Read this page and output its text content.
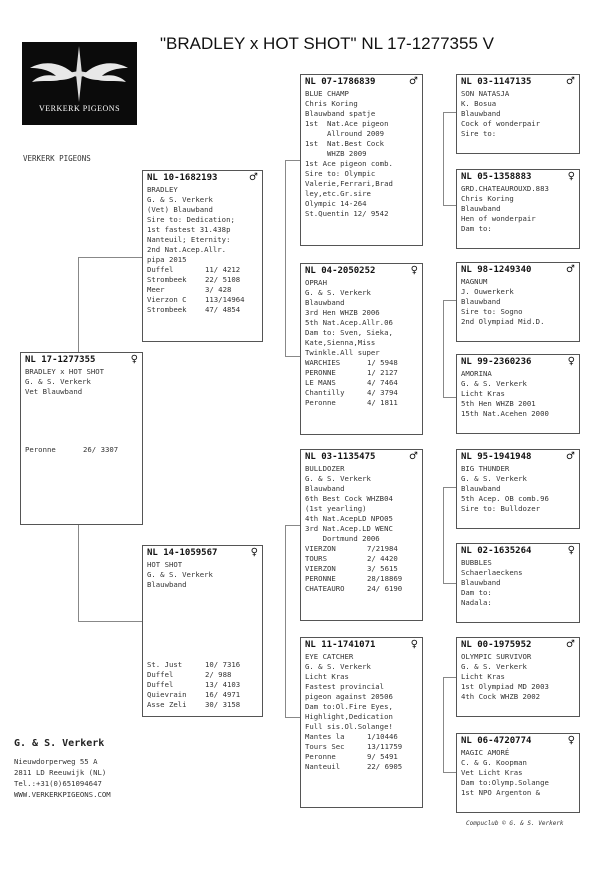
"BRADLEY x HOT SHOT" NL 17-1277355 V
VERKERK PIGEONS
VERKERK PIGEONS
NL 17-1277355	♀
BRADLEY x HOT SHOT
G. & S. Verkerk
Vet Blauwband
Peronne	26/ 3307
NL 10-1682193	♂
BRADLEY
G. & S. Verkerk
(Vet) Blauwband
Sire to: Dedication;
1st fastest 31.438p
Nanteuil; Eternity:
2nd Nat.Acep.Allr.
pipa 2015
Duffel	11/ 4212
Strombeek	22/ 5108
Meer	3/ 428
Vierzon C	113/14964
Strombeek	47/ 4854
NL 14-1059567	♀
HOT SHOT
G. & S. Verkerk
Blauwband
St. Just	10/ 7316
Duffel	2/ 988
Duffel	13/ 4103
Quievrain	16/ 4971
Asse Zeli	30/ 3158
NL 07-1786839	♂
BLUE CHAMP
Chris Koring
Blauwband spatje
1st  Nat.Ace pigeon
Allround 2009
1st  Nat.Best Cock
WHZB 2009
1st Ace pigeon comb.
Sire to: Olympic
Valerie,Ferrari,Brad
ley,etc.Gr.sire
Olympic 14-264
St.Quentin 12/ 9542
NL 04-2050252	♀
OPRAH
G. & S. Verkerk
Blauwband
3rd Hen WHZB 2006
5th Nat.Acep.Allr.06
Dam to: Sven, Sieka,
Kate,Sienna,Miss
Twinkle.All super
WARCHIES	1/ 5948
PERONNE	1/ 2127
LE MANS	4/ 7464
Chantilly	4/ 3794
Peronne	4/ 1811
NL 03-1135475	♂
BULLDOZER
G. & S. Verkerk
Blauwband
6th Best Cock WHZB04
(1st yearling)
4th Nat.AcepLD NPO05
3rd Nat.Acep.LD WENC
Dortmund 2006
VIERZON	7/21984
TOURS	2/ 4420
VIERZON	3/ 5615
PERONNE	28/18869
CHATEAURO	24/ 6190
NL 11-1741071	♀
EYE CATCHER
G. & S. Verkerk
Licht Kras
Fastest provincial
pigeon against 20506
Dam to:Ol.Fire Eyes,
Highlight,Dedication
Full sis.Ol.Solange!
Mantes la	1/10446
Tours Sec	13/11759
Peronne	9/ 5491
Nanteuil	22/ 6905
NL 03-1147135	♂
SON NATASJA
K. Bosua
Blauwband
Cock of wonderpair
Sire to:
NL 05-1358883	♀
GRD.CHATEAUROUXD.883
Chris Koring
Blauwband
Hen of wonderpair
Dam to:
NL 98-1249340	♂
MAGNUM
J. Ouwerkerk
Blauwband
Sire to: Sogno
2nd Olympiad Mid.D.
NL 99-2360236	♀
AMORINA
G. & S. Verkerk
Licht Kras
5th Hen WHZB 2001
15th Nat.Acehen 2000
NL 95-1941948	♂
BIG THUNDER
G. & S. Verkerk
Blauwband
5th Acep. OB comb.96
Sire to: Bulldozer
NL 02-1635264	♀
BUBBLES
Schaerlaeckens
Blauwband
Dam to:
Nadala:
NL 00-1975952	♂
OLYMPIC SURVIVOR
G. & S. Verkerk
Licht Kras
1st Olympiad MD 2003
4th Cock WHZB 2002
NL 06-4720774	♀
MAGIC AMORÉ
C. & G. Koopman
Vet Licht Kras
Dam to:Olymp.Solange
1st NPO Argenton &
G. & S. Verkerk
Nieuwdorperweg 55 A
2811 LD Reeuwijk (NL)
Tel.:+31(0)651094647
WWW.VERKERKPIGEONS.COM
Compuclub © G. & S. Verkerk
